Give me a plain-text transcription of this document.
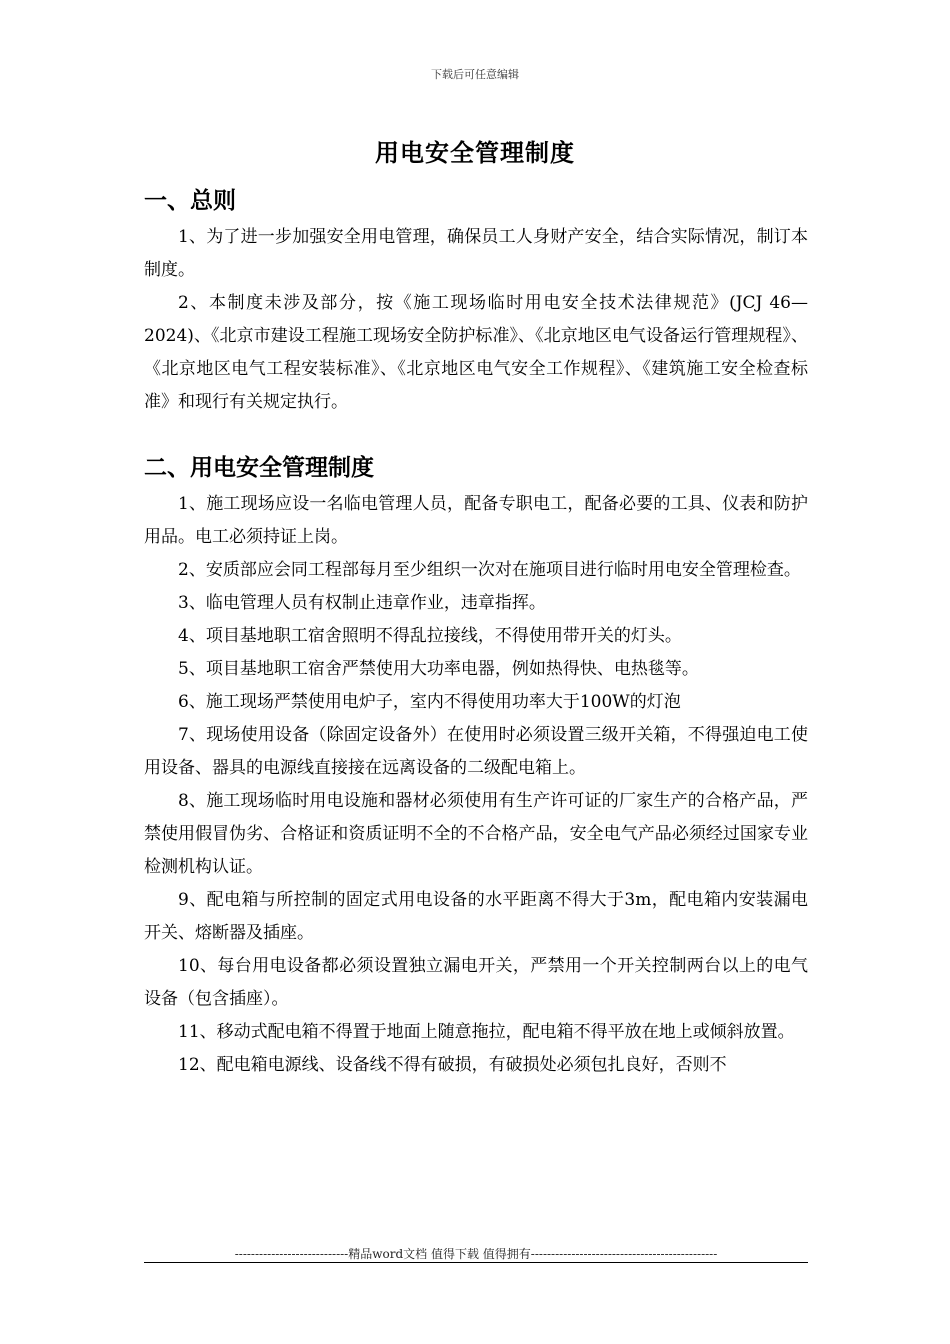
下载后可任意编辑
用电安全管理制度
一、总则

1、为了进一步加强安全用电管理，确保员工人身财产安全，结合实际情况，制订本制度。

2、本制度未涉及部分，按《施工现场临时用电安全技术法律规范》(JCJ 46—2024)、《北京市建设工程施工现场安全防护标准》、《北京地区电气设备运行管理规程》、《北京地区电气工程安装标准》、《北京地区电气安全工作规程》、《建筑施工安全检查标准》和现行有关规定执行。

二、用电安全管理制度

1、施工现场应设一名临电管理人员，配备专职电工，配备必要的工具、仪表和防护用品。电工必须持证上岗。

2、安质部应会同工程部每月至少组织一次对在施项目进行临时用电安全管理检查。

3、临电管理人员有权制止违章作业，违章指挥。

4、项目基地职工宿舍照明不得乱拉接线，不得使用带开关的灯头。

5、项目基地职工宿舍严禁使用大功率电器，例如热得快、电热毯等。

6、施工现场严禁使用电炉子，室内不得使用功率大于100W的灯泡

7、现场使用设备（除固定设备外）在使用时必须设置三级开关箱，不得强迫电工使用设备、器具的电源线直接接在远离设备的二级配电箱上。

8、施工现场临时用电设施和器材必须使用有生产许可证的厂家生产的合格产品，严禁使用假冒伪劣、合格证和资质证明不全的不合格产品，安全电气产品必须经过国家专业检测机构认证。

9、配电箱与所控制的固定式用电设备的水平距离不得大于3m，配电箱内安装漏电开关、熔断器及插座。

10、每台用电设备都必须设置独立漏电开关，严禁用一个开关控制两台以上的电气设备（包含插座）。

11、移动式配电箱不得置于地面上随意拖拉，配电箱不得平放在地上或倾斜放置。

12、配电箱电源线、设备线不得有破损，有破损处必须包扎良好，否则不

----------------------------精品word文档 值得下载 值得拥有----------------------------------------------
